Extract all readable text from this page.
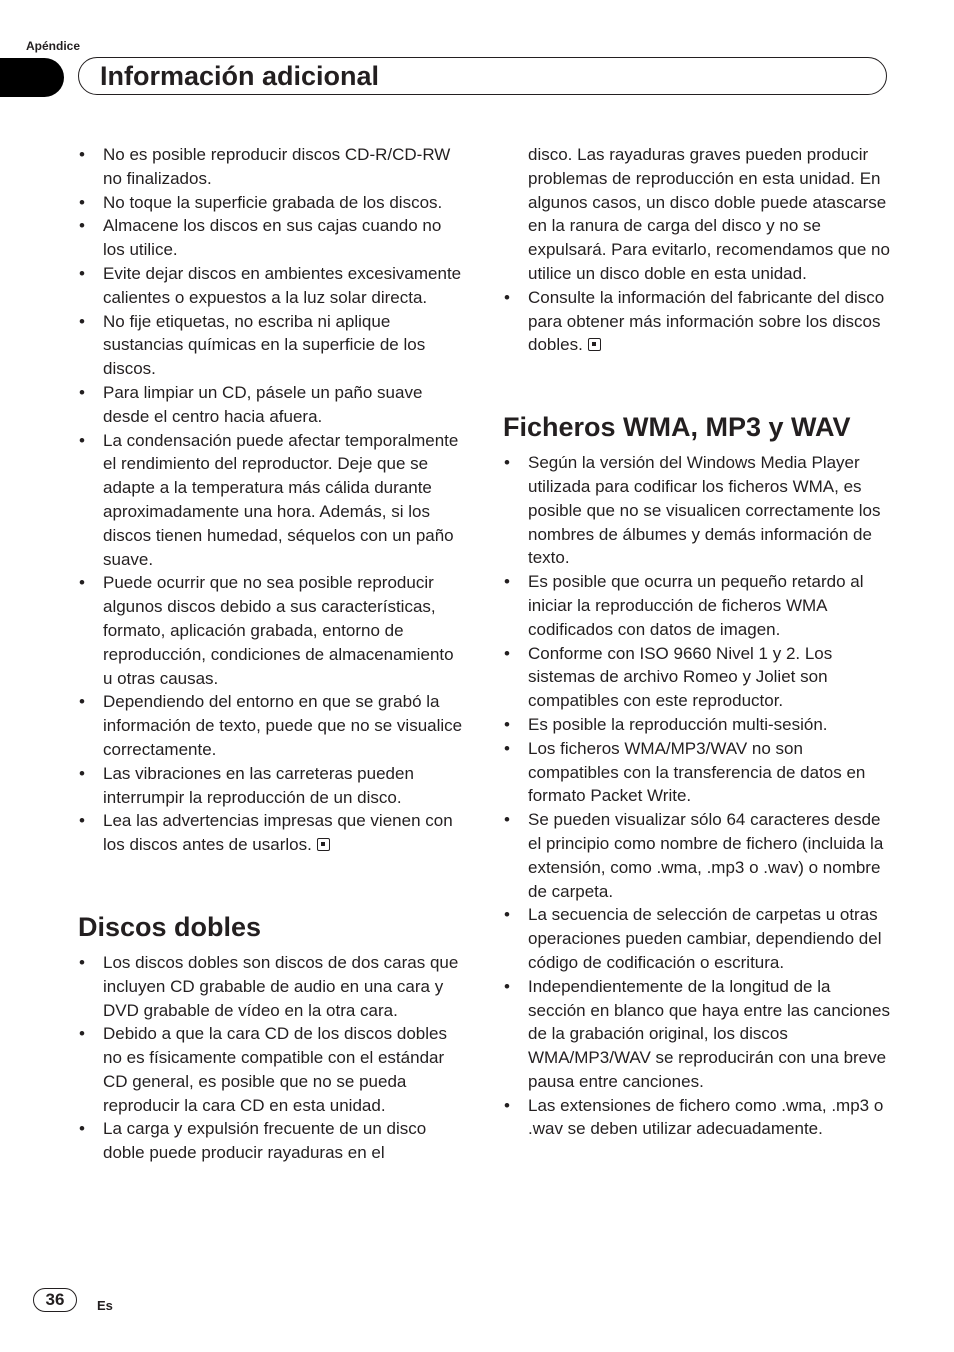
Apéndice

Información adicional
• No es posible reproducir discos CD-R/CD-RW no finalizados.
• No toque la superficie grabada de los discos.
• Almacene los discos en sus cajas cuando no los utilice.
• Evite dejar discos en ambientes excesivamente calientes o expuestos a la luz solar directa.
• No fije etiquetas, no escriba ni aplique sustancias químicas en la superficie de los discos.
• Para limpiar un CD, pásele un paño suave desde el centro hacia afuera.
• La condensación puede afectar temporalmente el rendimiento del reproductor. Deje que se adapte a la temperatura más cálida durante aproximadamente una hora. Además, si los discos tienen humedad, séquelos con un paño suave.
• Puede ocurrir que no sea posible reproducir algunos discos debido a sus características, formato, aplicación grabada, entorno de reproducción, condiciones de almacenamiento u otras causas.
• Dependiendo del entorno en que se grabó la información de texto, puede que no se visualice correctamente.
• Las vibraciones en las carreteras pueden interrumpir la reproducción de un disco.
• Lea las advertencias impresas que vienen con los discos antes de usarlos.
Discos dobles
• Los discos dobles son discos de dos caras que incluyen CD grabable de audio en una cara y DVD grabable de vídeo en la otra cara.
• Debido a que la cara CD de los discos dobles no es físicamente compatible con el estándar CD general, es posible que no se pueda reproducir la cara CD en esta unidad.
• La carga y expulsión frecuente de un disco doble puede producir rayaduras en el

disco. Las rayaduras graves pueden producir problemas de reproducción en esta unidad. En algunos casos, un disco doble puede atascarse en la ranura de carga del disco y no se expulsará. Para evitarlo, recomendamos que no utilice un disco doble en esta unidad.

• Consulte la información del fabricante del disco para obtener más información sobre los discos dobles.
Ficheros WMA, MP3 y WAV
• Según la versión del Windows Media Player utilizada para codificar los ficheros WMA, es posible que no se visualicen correctamente los nombres de álbumes y demás información de texto.
• Es posible que ocurra un pequeño retardo al iniciar la reproducción de ficheros WMA codificados con datos de imagen.
• Conforme con ISO 9660 Nivel 1 y 2. Los sistemas de archivo Romeo y Joliet son compatibles con este reproductor.
• Es posible la reproducción multi-sesión.
• Los ficheros WMA/MP3/WAV no son compatibles con la transferencia de datos en formato Packet Write.
• Se pueden visualizar sólo 64 caracteres desde el principio como nombre de fichero (incluida la extensión, como .wma, .mp3 o .wav) o nombre de carpeta.
• La secuencia de selección de carpetas u otras operaciones pueden cambiar, dependiendo del código de codificación o escritura.
• Independientemente de la longitud de la sección en blanco que haya entre las canciones de la grabación original, los discos WMA/MP3/WAV se reproducirán con una breve pausa entre canciones.
• Las extensiones de fichero como .wma, .mp3 o .wav se deben utilizar adecuadamente.
36	Es
